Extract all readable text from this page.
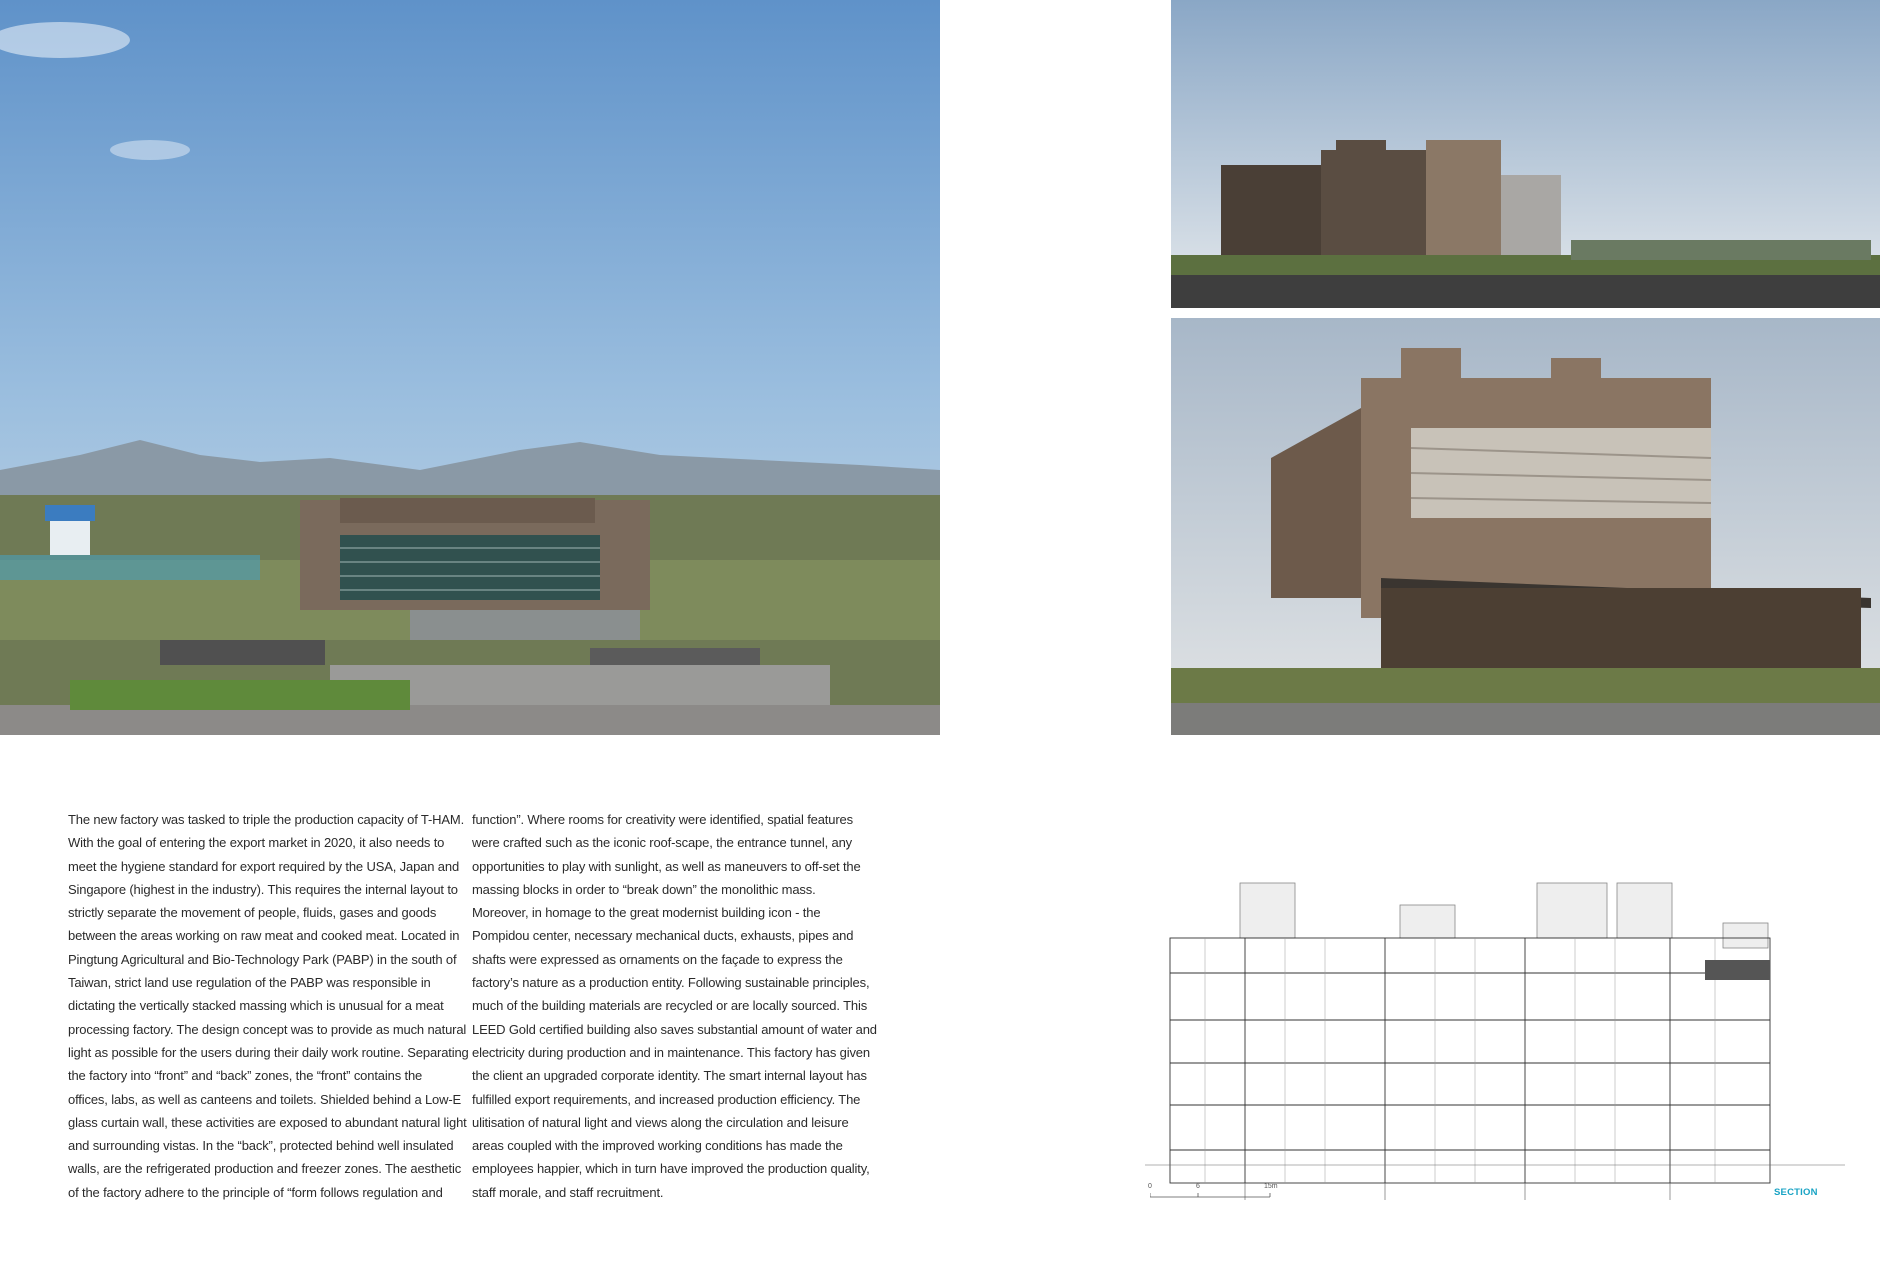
The new factory was tasked to triple the production capacity of T-HAM.

With the goal of entering the export market in 2020, it also needs to

meet the hygiene standard for export required by the USA, Japan and

Singapore (highest in the industry). This requires the internal layout to

strictly separate the movement of people, fluids, gases and goods

between the areas working on raw meat and cooked meat. Located in

Pingtung Agricultural and Bio-Technology Park (PABP) in the south of

Taiwan, strict land use regulation of the PABP was responsible in

dictating the vertically stacked massing which is unusual for a meat

processing factory. The design concept was to provide as much natural

light as possible for the users during their daily work routine. Separating

the factory into “front” and “back” zones, the “front” contains the

offices, labs, as well as canteens and toilets. Shielded behind a Low-E

glass curtain wall, these activities are exposed to abundant natural light

and surrounding vistas. In the “back”, protected behind well insulated

walls, are the refrigerated production and freezer zones. The aesthetic

of the factory adhere to the principle of “form follows regulation and

function”. Where rooms for creativity were identified, spatial features

were crafted such as the iconic roof-scape, the entrance tunnel, any

opportunities to play with sunlight, as well as maneuvers to off-set the

massing blocks in order to “break down” the monolithic mass.

Moreover, in homage to the great modernist building icon - the

Pompidou center, necessary mechanical ducts, exhausts, pipes and

shafts were expressed as ornaments on the façade to express the

factory’s nature as a production entity. Following sustainable principles,

much of the building materials are recycled or are locally sourced. This

LEED Gold certified building also saves substantial amount of water and

electricity during production and in maintenance. This factory has given

the client an upgraded corporate identity. The smart internal layout has

fulfilled export requirements, and increased production efficiency. The

ulitisation of natural light and views along the circulation and leisure

areas coupled with the improved working conditions has made the

employees happier, which in turn have improved the production quality,

staff morale, and staff recruitment.	0	6	15m
SECTION
